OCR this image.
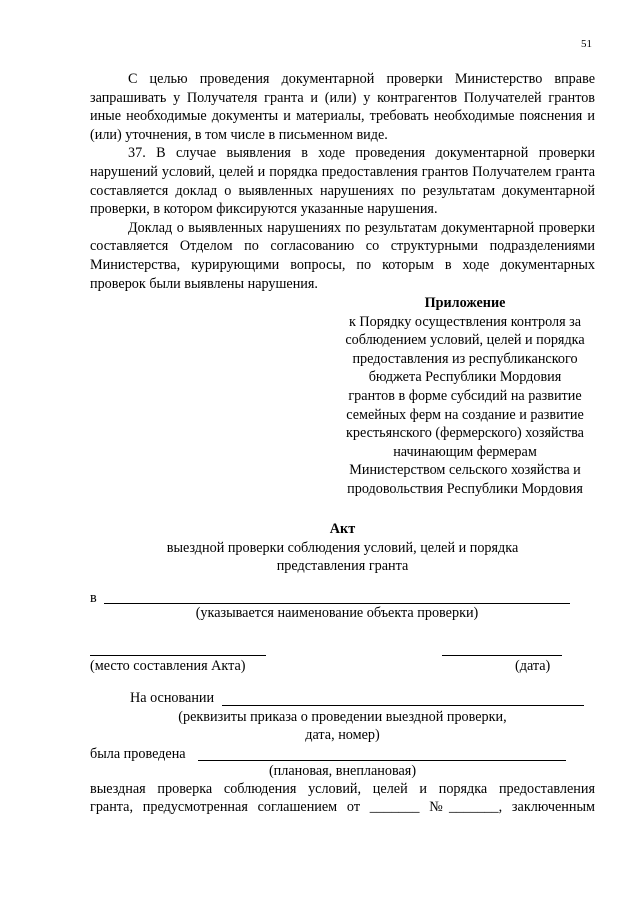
51

С целью проведения документарной проверки Министерство вправе запрашивать у Получателя гранта и (или) у контрагентов Получателей грантов иные необходимые документы и материалы, требовать необходимые пояснения и (или) уточнения, в том числе в письменном виде.

37. В случае выявления в ходе проведения документарной проверки нарушений условий, целей и порядка предоставления грантов Получателем гранта составляется доклад о выявленных нарушениях по результатам документарной проверки, в котором фиксируются указанные нарушения.

Доклад о выявленных нарушениях по результатам документарной проверки составляется Отделом по согласованию со структурными подразделениями Министерства, курирующими вопросы, по которым в ходе документарных проверок были выявлены нарушения.

Приложение
к Порядку осуществления контроля за
соблюдением условий, целей и порядка
предоставления из республиканского
бюджета Республики Мордовия
грантов в форме субсидий на развитие
семейных ферм на создание и развитие
крестьянского (фермерского) хозяйства
начинающим фермерам
Министерством сельского хозяйства и
продовольствия Республики Мордовия
Акт
выездной проверки соблюдения условий, целей и порядка
представления гранта
в
(указывается наименование объекта проверки)
(место составления Акта)	(дата)
На основании
(реквизиты приказа о проведении выездной проверки,
дата, номер)
была проведена
(плановая, внеплановая)
выездная проверка соблюдения условий, целей и порядка предоставления
гранта, предусмотренная соглашением от _______ №_______, заключенным
